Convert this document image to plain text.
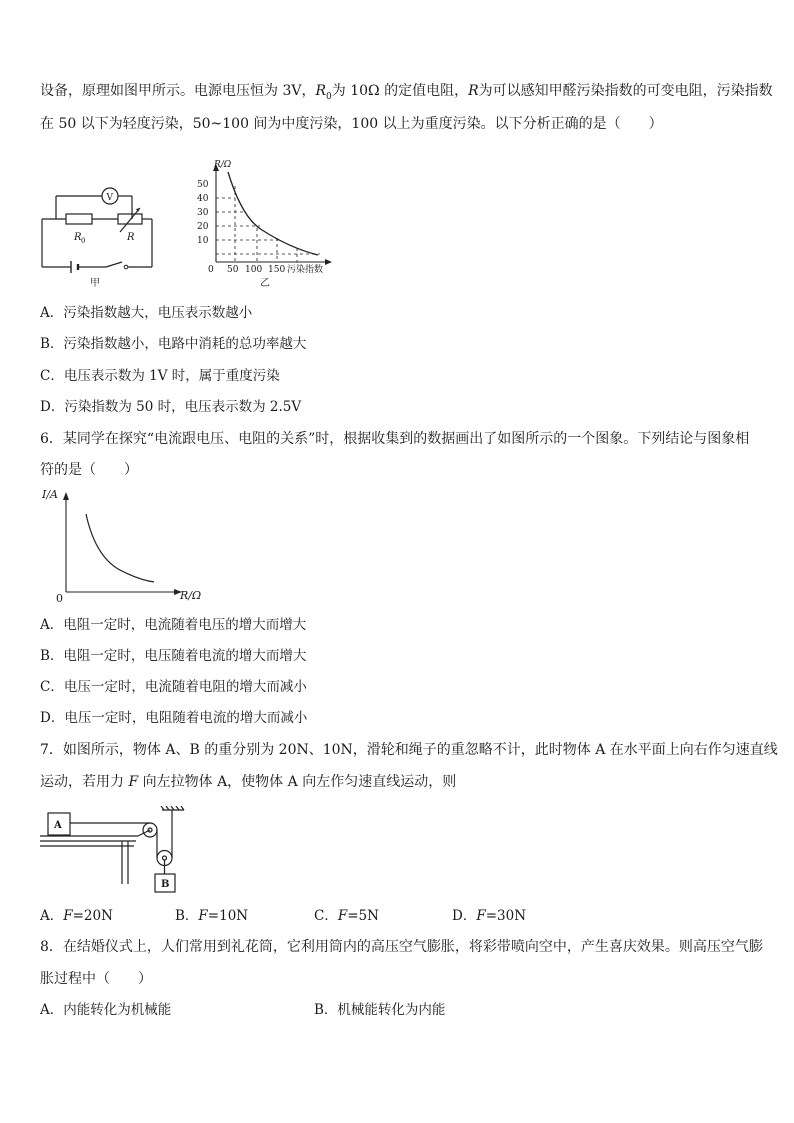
设备，原理如图甲所示。电源电压恒为 3V，$R_0$为 10Ω 的定值电阻，R为可以感知甲醛污染指数的可变电阻，污染指数
在 50 以下为轻度污染，50~100 间为中度污染，100 以上为重度污染。以下分析正确的是（　　）
V
R 0	R
甲
R/Ω
50
40
30
20
10
0 50 100 150 污染指数
乙
A．污染指数越大，电压表示数越小
B．污染指数越小，电路中消耗的总功率越大
C．电压表示数为 1V 时，属于重度污染
D．污染指数为 50 时，电压表示数为 2.5V
6．某同学在探究“电流跟电压、电阻的关系”时，根据收集到的数据画出了如图所示的一个图象。下列结论与图象相
符的是（　　）
I/A
R/Ω
0
A．电阻一定时，电流随着电压的增大而增大
B．电阻一定时，电压随着电流的增大而增大
C．电压一定时，电流随着电阻的增大而减小
D．电压一定时，电阻随着电流的增大而减小
7．如图所示，物体 A、B 的重分别为 20N、10N，滑轮和绳子的重忽略不计，此时物体 A 在水平面上向右作匀速直线
运动，若用力 F 向左拉物体 A，使物体 A 向左作匀速直线运动，则
A
B
A．F=20N	B．F=10N	C．F=5N	D．F=30N
8．在结婚仪式上，人们常用到礼花筒，它利用筒内的高压空气膨胀，将彩带喷向空中，产生喜庆效果。则高压空气膨
胀过程中（　　）
A．内能转化为机械能	B．机械能转化为内能
